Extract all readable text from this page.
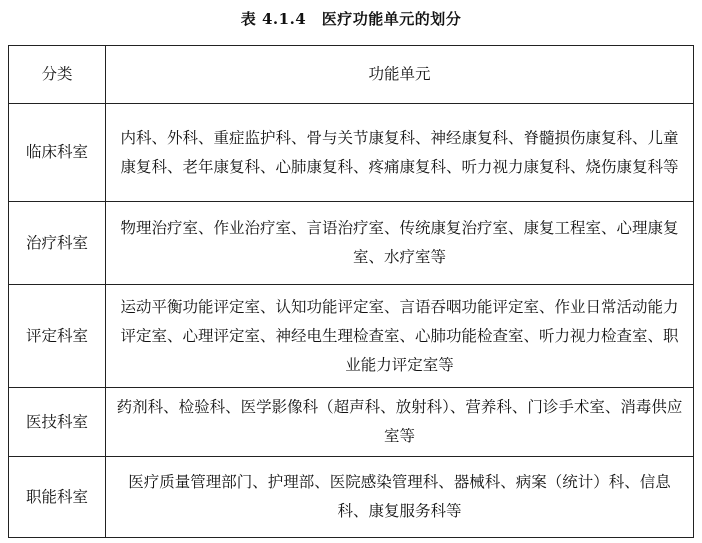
表 4.1.4　医疗功能单元的划分
分类	功能单元
临床科室	内科、外科、重症监护科、骨与关节康复科、神经康复科、脊髓损伤康复科、儿童康复科、老年康复科、心肺康复科、疼痛康复科、听力视力康复科、烧伤康复科等
治疗科室	物理治疗室、作业治疗室、言语治疗室、传统康复治疗室、康复工程室、心理康复室、水疗室等
评定科室	运动平衡功能评定室、认知功能评定室、言语吞咽功能评定室、作业日常活动能力评定室、心理评定室、神经电生理检查室、心肺功能检查室、听力视力检查室、职业能力评定室等
医技科室	药剂科、检验科、医学影像科（超声科、放射科）、营养科、门诊手术室、消毒供应室等
职能科室	医疗质量管理部门、护理部、医院感染管理科、器械科、病案（统计）科、信息科、康复服务科等
